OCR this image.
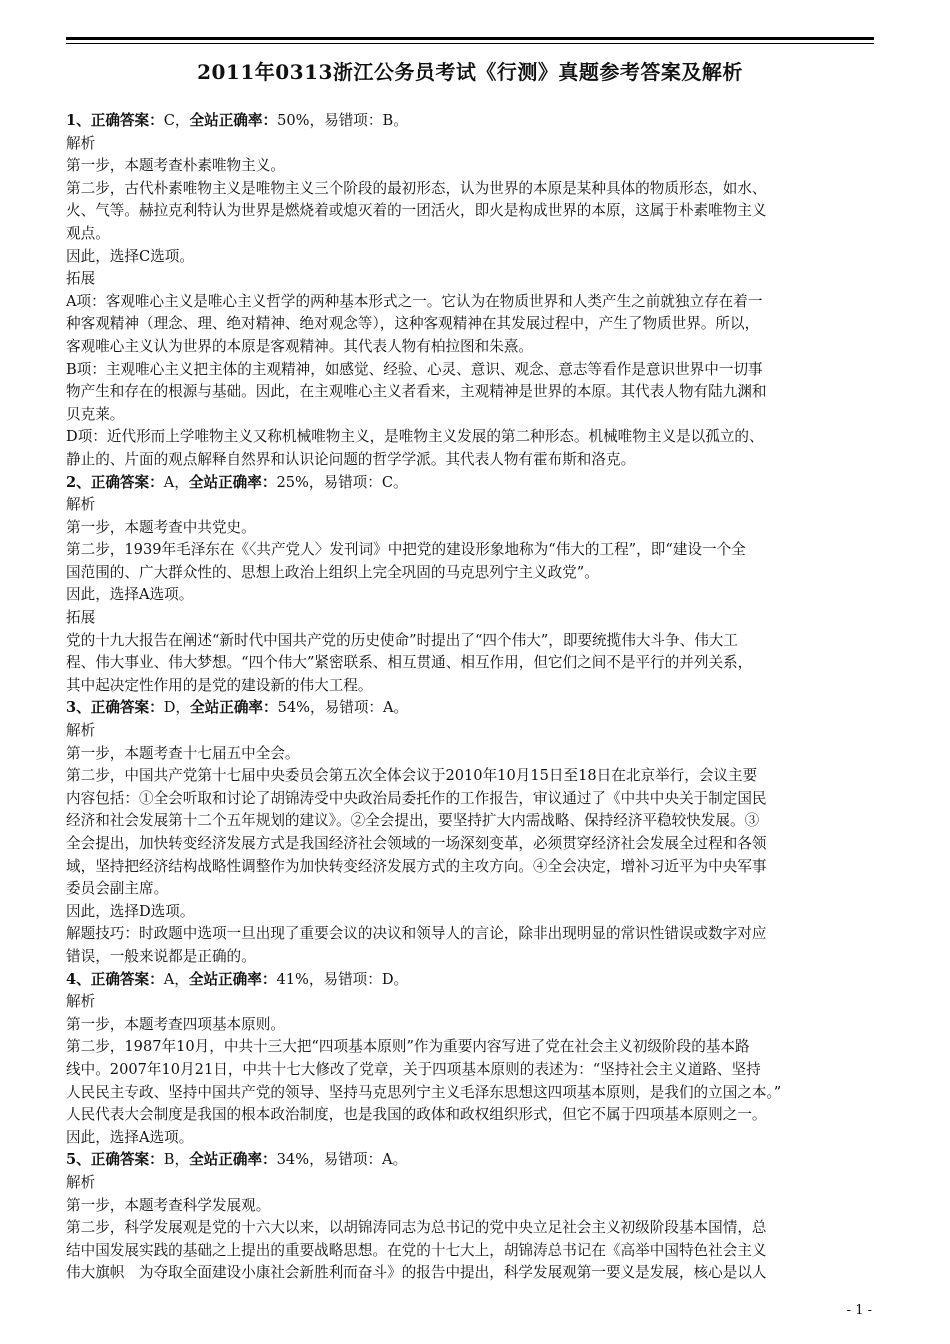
2011年0313浙江公务员考试《行测》真题参考答案及解析
1、正确答案：C，全站正确率：50%，易错项：B。
解析
第一步，本题考查朴素唯物主义。
第二步，古代朴素唯物主义是唯物主义三个阶段的最初形态，认为世界的本原是某种具体的物质形态，如水、
火、气等。赫拉克利特认为世界是燃烧着或熄灭着的一团活火，即火是构成世界的本原，这属于朴素唯物主义
观点。
因此，选择C选项。
拓展
A项：客观唯心主义是唯心主义哲学的两种基本形式之一。它认为在物质世界和人类产生之前就独立存在着一
种客观精神（理念、理、绝对精神、绝对观念等），这种客观精神在其发展过程中，产生了物质世界。所以，
客观唯心主义认为世界的本原是客观精神。其代表人物有柏拉图和朱熹。
B项：主观唯心主义把主体的主观精神，如感觉、经验、心灵、意识、观念、意志等看作是意识世界中一切事
物产生和存在的根源与基础。因此，在主观唯心主义者看来，主观精神是世界的本原。其代表人物有陆九渊和
贝克莱。
D项：近代形而上学唯物主义又称机械唯物主义，是唯物主义发展的第二种形态。机械唯物主义是以孤立的、
静止的、片面的观点解释自然界和认识论问题的哲学学派。其代表人物有霍布斯和洛克。
2、正确答案：A，全站正确率：25%，易错项：C。
解析
第一步，本题考查中共党史。
第二步，1939年毛泽东在《〈共产党人〉发刊词》中把党的建设形象地称为“伟大的工程”，即“建设一个全
国范围的、广大群众性的、思想上政治上组织上完全巩固的马克思列宁主义政党”。
因此，选择A选项。
拓展
党的十九大报告在阐述“新时代中国共产党的历史使命”时提出了“四个伟大”，即要统揽伟大斗争、伟大工
程、伟大事业、伟大梦想。“四个伟大”紧密联系、相互贯通、相互作用，但它们之间不是平行的并列关系，
其中起决定性作用的是党的建设新的伟大工程。
3、正确答案：D，全站正确率：54%，易错项：A。
解析
第一步，本题考查十七届五中全会。
第二步，中国共产党第十七届中央委员会第五次全体会议于2010年10月15日至18日在北京举行，会议主要
内容包括：①全会听取和讨论了胡锦涛受中央政治局委托作的工作报告，审议通过了《中共中央关于制定国民
经济和社会发展第十二个五年规划的建议》。②全会提出，要坚持扩大内需战略、保持经济平稳较快发展。③
全会提出，加快转变经济发展方式是我国经济社会领域的一场深刻变革，必须贯穿经济社会发展全过程和各领
域，坚持把经济结构战略性调整作为加快转变经济发展方式的主攻方向。④全会决定，增补习近平为中央军事
委员会副主席。
因此，选择D选项。
解题技巧：时政题中选项一旦出现了重要会议的决议和领导人的言论，除非出现明显的常识性错误或数字对应
错误，一般来说都是正确的。
4、正确答案：A，全站正确率：41%，易错项：D。
解析
第一步，本题考查四项基本原则。
第二步，1987年10月，中共十三大把“四项基本原则”作为重要内容写进了党在社会主义初级阶段的基本路
线中。2007年10月21日，中共十七大修改了党章，关于四项基本原则的表述为：“坚持社会主义道路、坚持
人民民主专政、坚持中国共产党的领导、坚持马克思列宁主义毛泽东思想这四项基本原则，是我们的立国之本。”
人民代表大会制度是我国的根本政治制度，也是我国的政体和政权组织形式，但它不属于四项基本原则之一。
因此，选择A选项。
5、正确答案：B，全站正确率：34%，易错项：A。
解析
第一步，本题考查科学发展观。
第二步，科学发展观是党的十六大以来，以胡锦涛同志为总书记的党中央立足社会主义初级阶段基本国情，总
结中国发展实践的基础之上提出的重要战略思想。在党的十七大上，胡锦涛总书记在《高举中国特色社会主义
伟大旗帜　为夺取全面建设小康社会新胜利而奋斗》的报告中提出，科学发展观第一要义是发展，核心是以人
- 1 -
